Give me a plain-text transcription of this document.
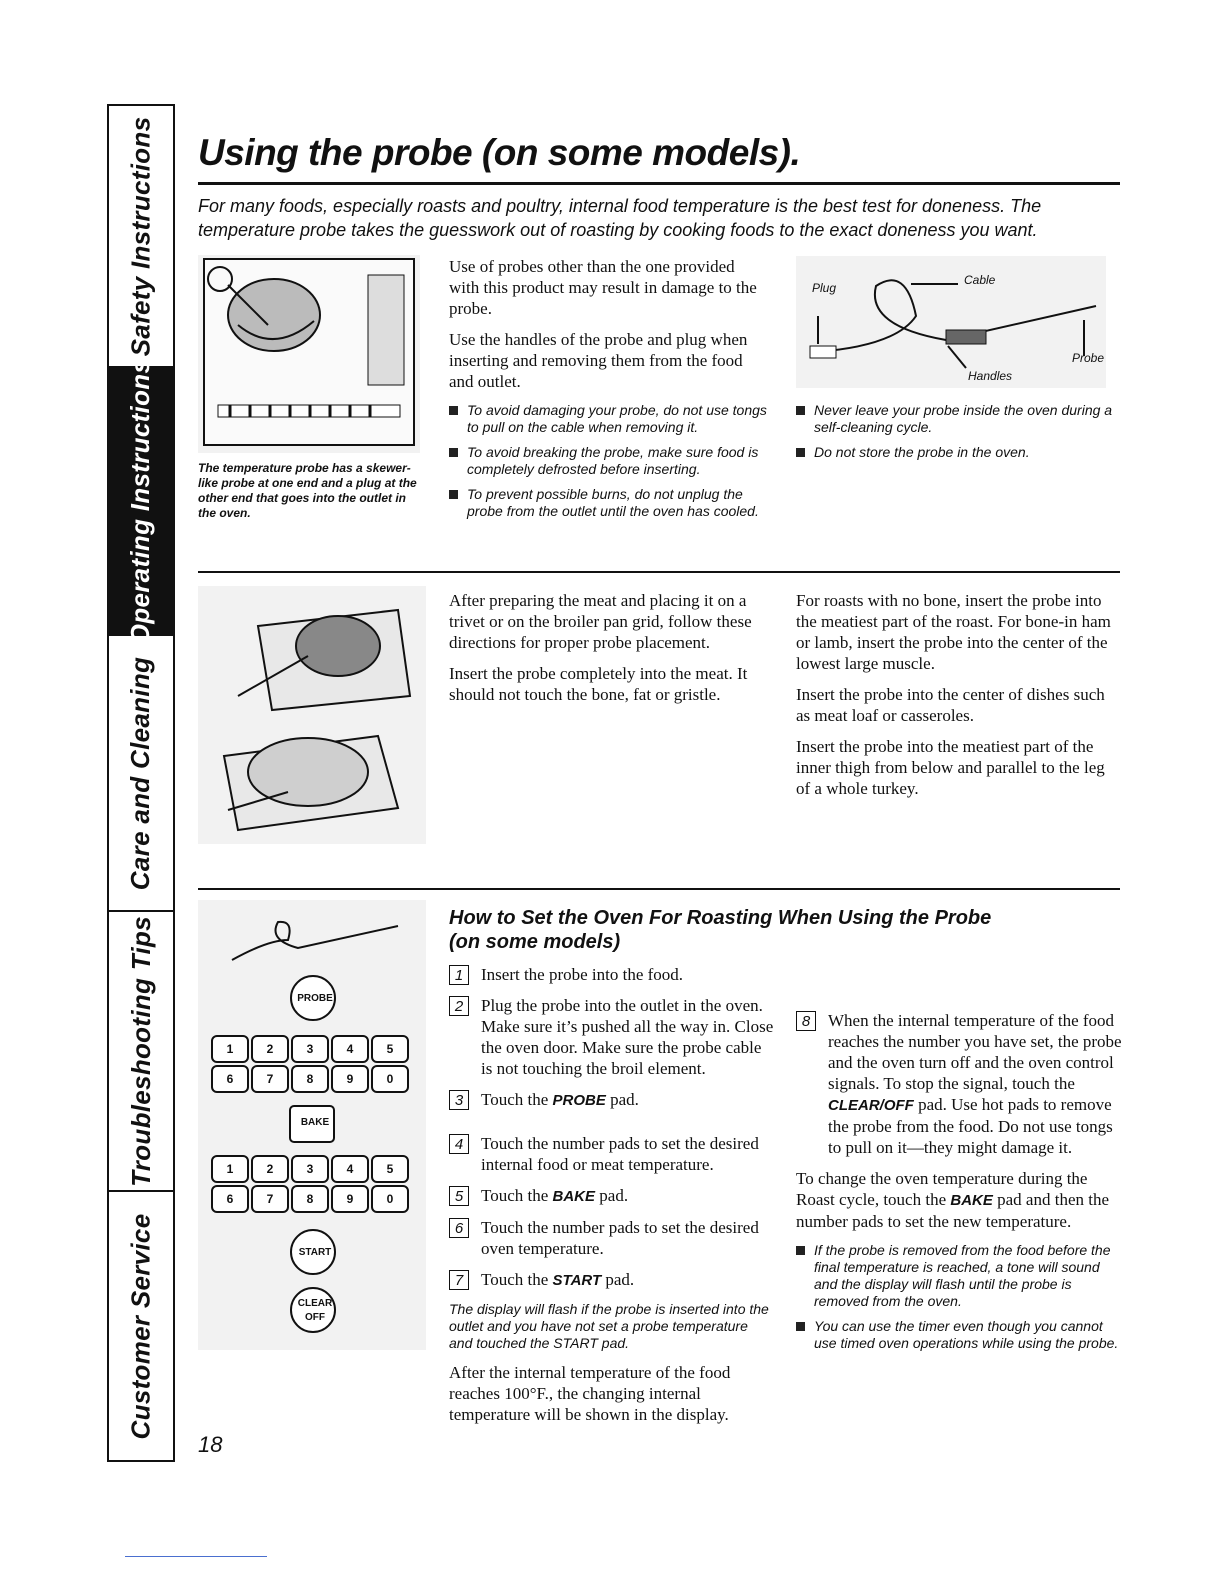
Safety Instructions
Operating Instructions
Care and Cleaning
Troubleshooting Tips
Customer Service
Using the probe (on some models).
For many foods, especially roasts and poultry, internal food temperature is the best test for doneness. The temperature probe takes the guesswork out of roasting by cooking foods to the exact doneness you want.
The temperature probe has a skewer-like probe at one end and a plug at the other end that goes into the outlet in the oven.

Use of probes other than the one provided with this product may result in damage to the probe.

Use the handles of the probe and plug when inserting and removing them from the food and outlet.

To avoid damaging your probe, do not use tongs to pull on the cable when removing it.
To avoid breaking the probe, make sure food is completely defrosted before inserting.
To prevent possible burns, do not unplug the probe from the outlet until the oven has cooled.
Plug
Cable
Probe
Handles
Never leave your probe inside the oven during a self-cleaning cycle.
Do not store the probe in the oven.

After preparing the meat and placing it on a trivet or on the broiler pan grid, follow these directions for proper probe placement.

Insert the probe completely into the meat. It should not touch the bone, fat or gristle.

For roasts with no bone, insert the probe into the meatiest part of the roast. For bone-in ham or lamb, insert the probe into the center of the lowest large muscle.

Insert the probe into the center of dishes such as meat loaf or casseroles.

Insert the probe into the meatiest part of the inner thigh from below and parallel to the leg of a whole turkey.

PROBE
BAKE
START
CLEAR
OFF
1	2	3	4	5
6	7	8	9	0
1	2	3	4	5
6	7	8	9	0
How to Set the Oven For Roasting When Using the Probe (on some models)
1	Insert the probe into the food.
2	Plug the probe into the outlet in the oven. Make sure it’s pushed all the way in. Close the oven door. Make sure the probe cable is not touching the broil element.
3	Touch the PROBE pad.
4	Touch the number pads to set the desired internal food or meat temperature.
5	Touch the BAKE pad.
6	Touch the number pads to set the desired oven temperature.
7	Touch the START pad.

The display will flash if the probe is inserted into the outlet and you have not set a probe temperature and touched the START pad.

After the internal temperature of the food reaches 100°F., the changing internal temperature will be shown in the display.

8	When the internal temperature of the food reaches the number you have set, the probe and the oven turn off and the oven control signals. To stop the signal, touch the CLEAR/OFF pad. Use hot pads to remove the probe from the food. Do not use tongs to pull on it—they might damage it.

To change the oven temperature during the Roast cycle, touch the BAKE pad and then the number pads to set the new temperature.

If the probe is removed from the food before the final temperature is reached, a tone will sound and the display will flash until the probe is removed from the oven.
You can use the timer even though you cannot use timed oven operations while using the probe.
18
